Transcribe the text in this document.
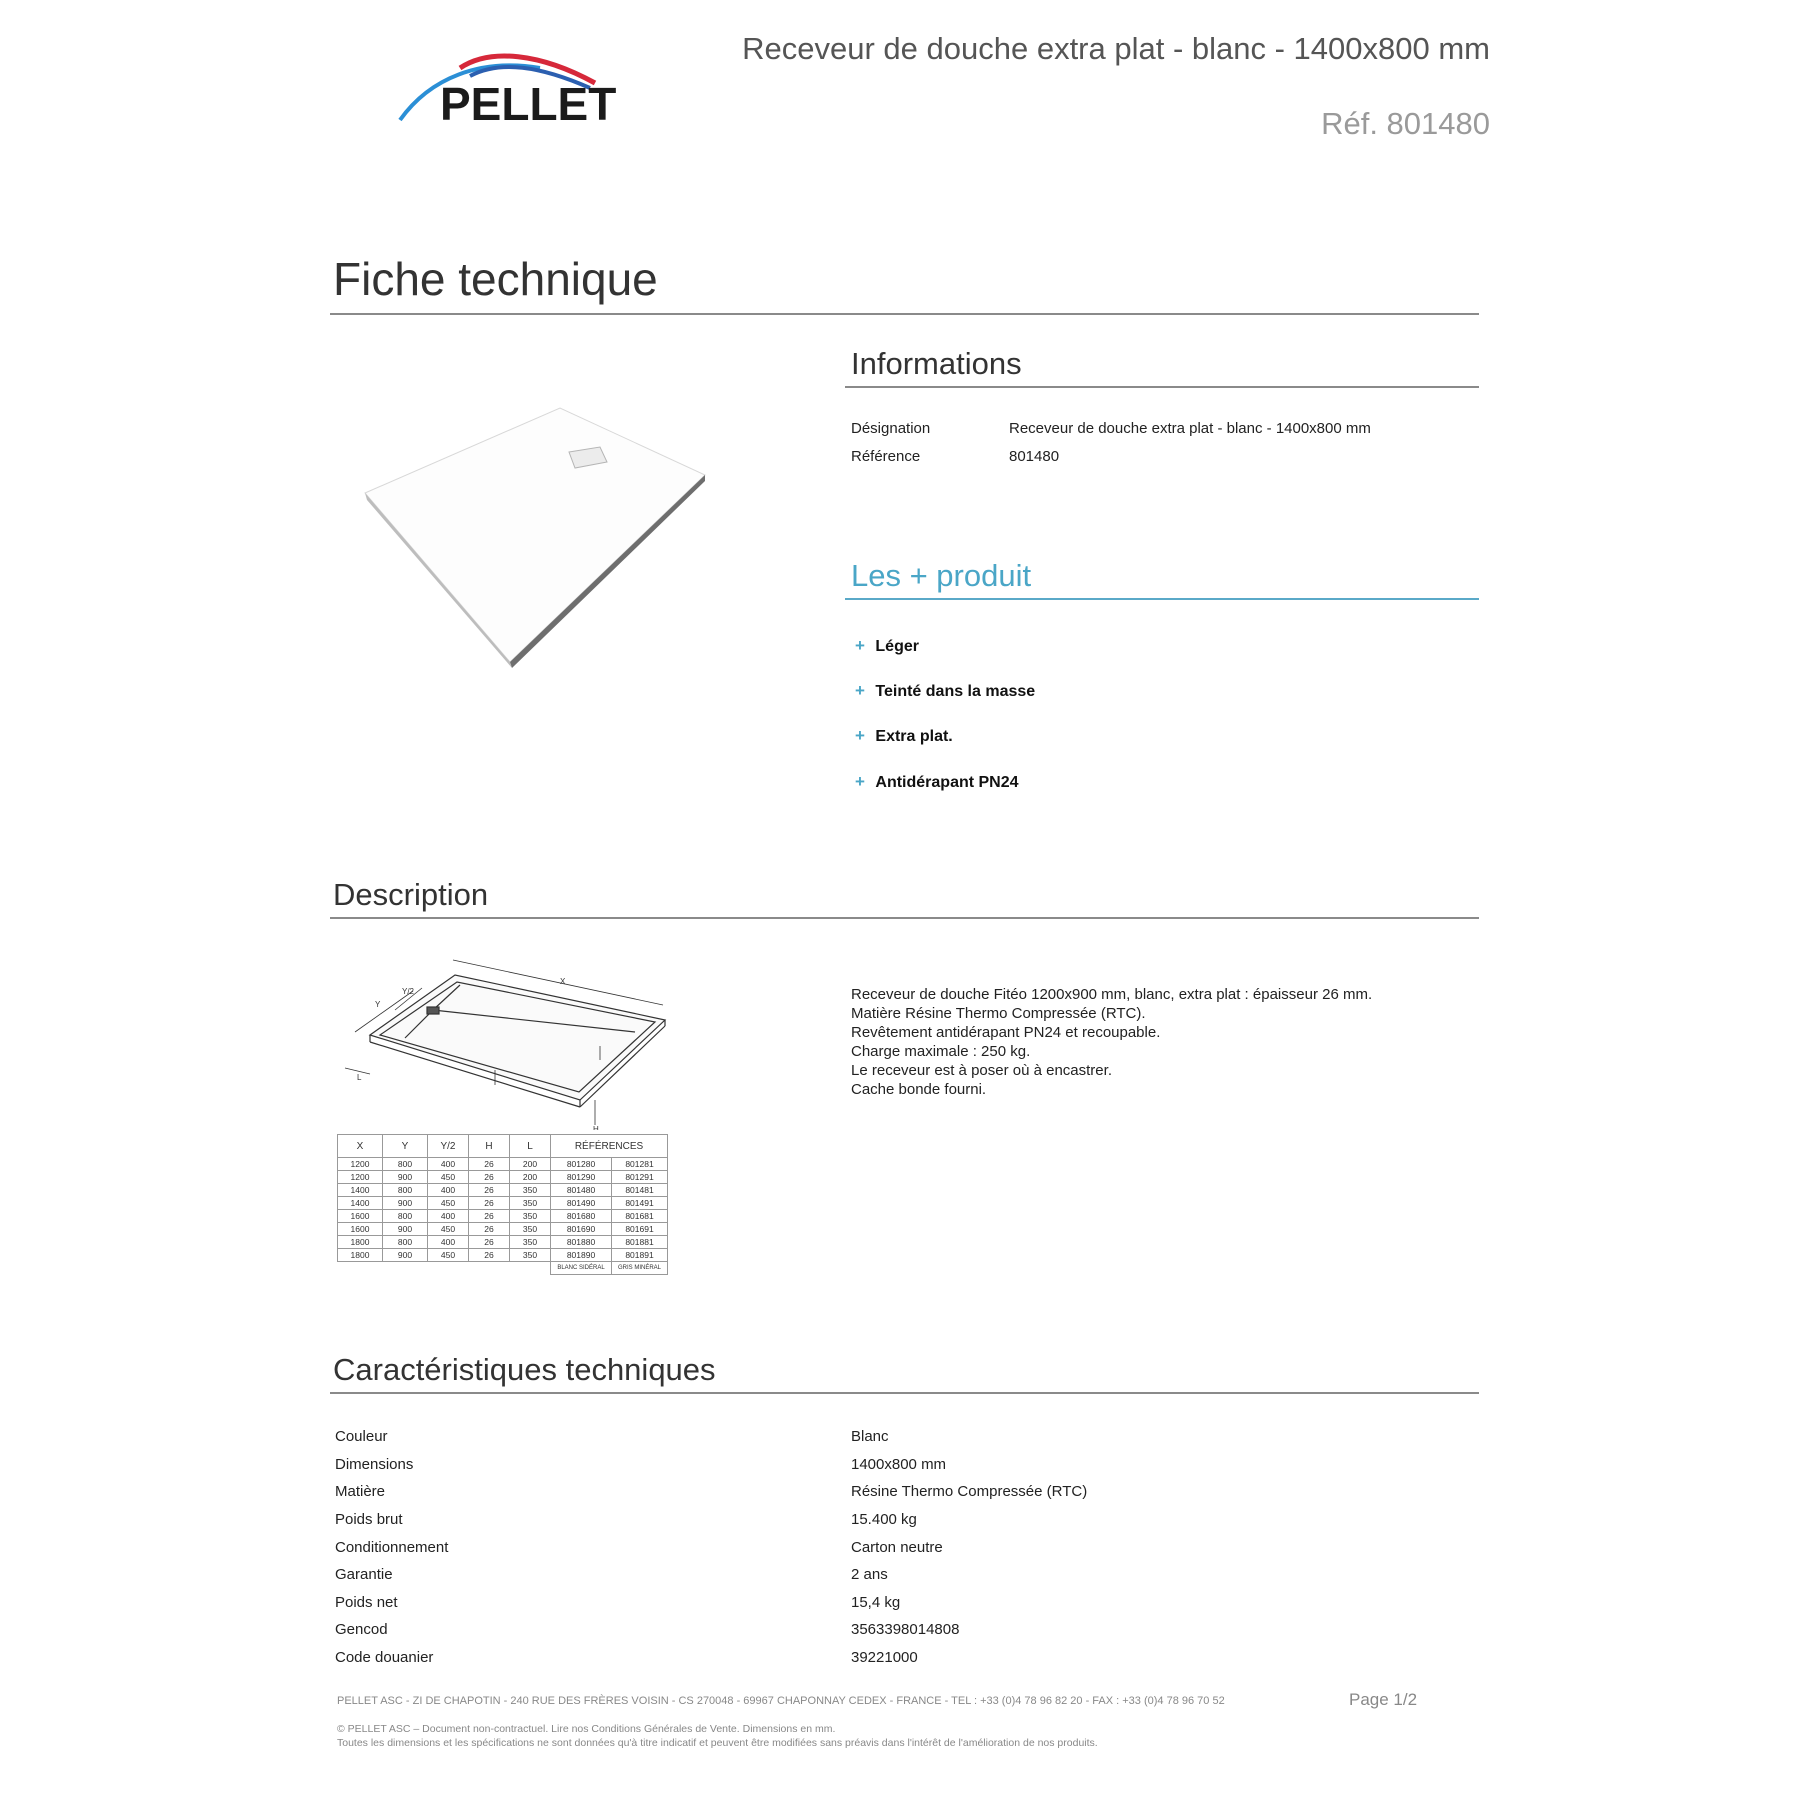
PELLET
Receveur de douche extra plat - blanc - 1400x800 mm
Réf. 801480
Fiche technique
Informations
Désignation	Receveur de douche extra plat - blanc - 1400x800 mm
Référence	801480
Les + produit
+ Léger
+ Teinté dans la masse
+ Extra plat.
+ Antidérapant PN24
Description
X
Y
Y/2
H
L
X	Y	Y/2	H	L	RÉFÉRENCES	
1200	800	400	26	200	801280	801281
1200	900	450	26	200	801290	801291
1400	800	400	26	350	801480	801481
1400	900	450	26	350	801490	801491
1600	800	400	26	350	801680	801681
1600	900	450	26	350	801690	801691
1800	800	400	26	350	801880	801881
1800	900	450	26	350	801890	801891
					BLANC SIDÉRAL	GRIS MINÉRAL
Receveur de douche Fitéo 1200x900 mm, blanc, extra plat : épaisseur 26 mm.
Matière Résine Thermo Compressée (RTC).
Revêtement antidérapant PN24 et recoupable.
Charge maximale : 250 kg.
Le receveur est à poser où à encastrer.
Cache bonde fourni.
Caractéristiques techniques
Couleur	Blanc
Dimensions	1400x800 mm
Matière	Résine Thermo Compressée (RTC)
Poids brut	15.400 kg
Conditionnement	Carton neutre
Garantie	2 ans
Poids net	15,4 kg
Gencod	3563398014808
Code douanier	39221000
PELLET ASC - ZI DE CHAPOTIN - 240 RUE DES FRÈRES VOISIN - CS 270048 - 69967 CHAPONNAY CEDEX - FRANCE - TEL : +33 (0)4 78 96 82 20 - FAX : +33 (0)4 78 96 70 52	Page 1/2
© PELLET ASC – Document non-contractuel. Lire nos Conditions Générales de Vente. Dimensions en mm.
Toutes les dimensions et les spécifications ne sont données qu'à titre indicatif et peuvent être modifiées sans préavis dans l'intérêt de l'amélioration de nos produits.
